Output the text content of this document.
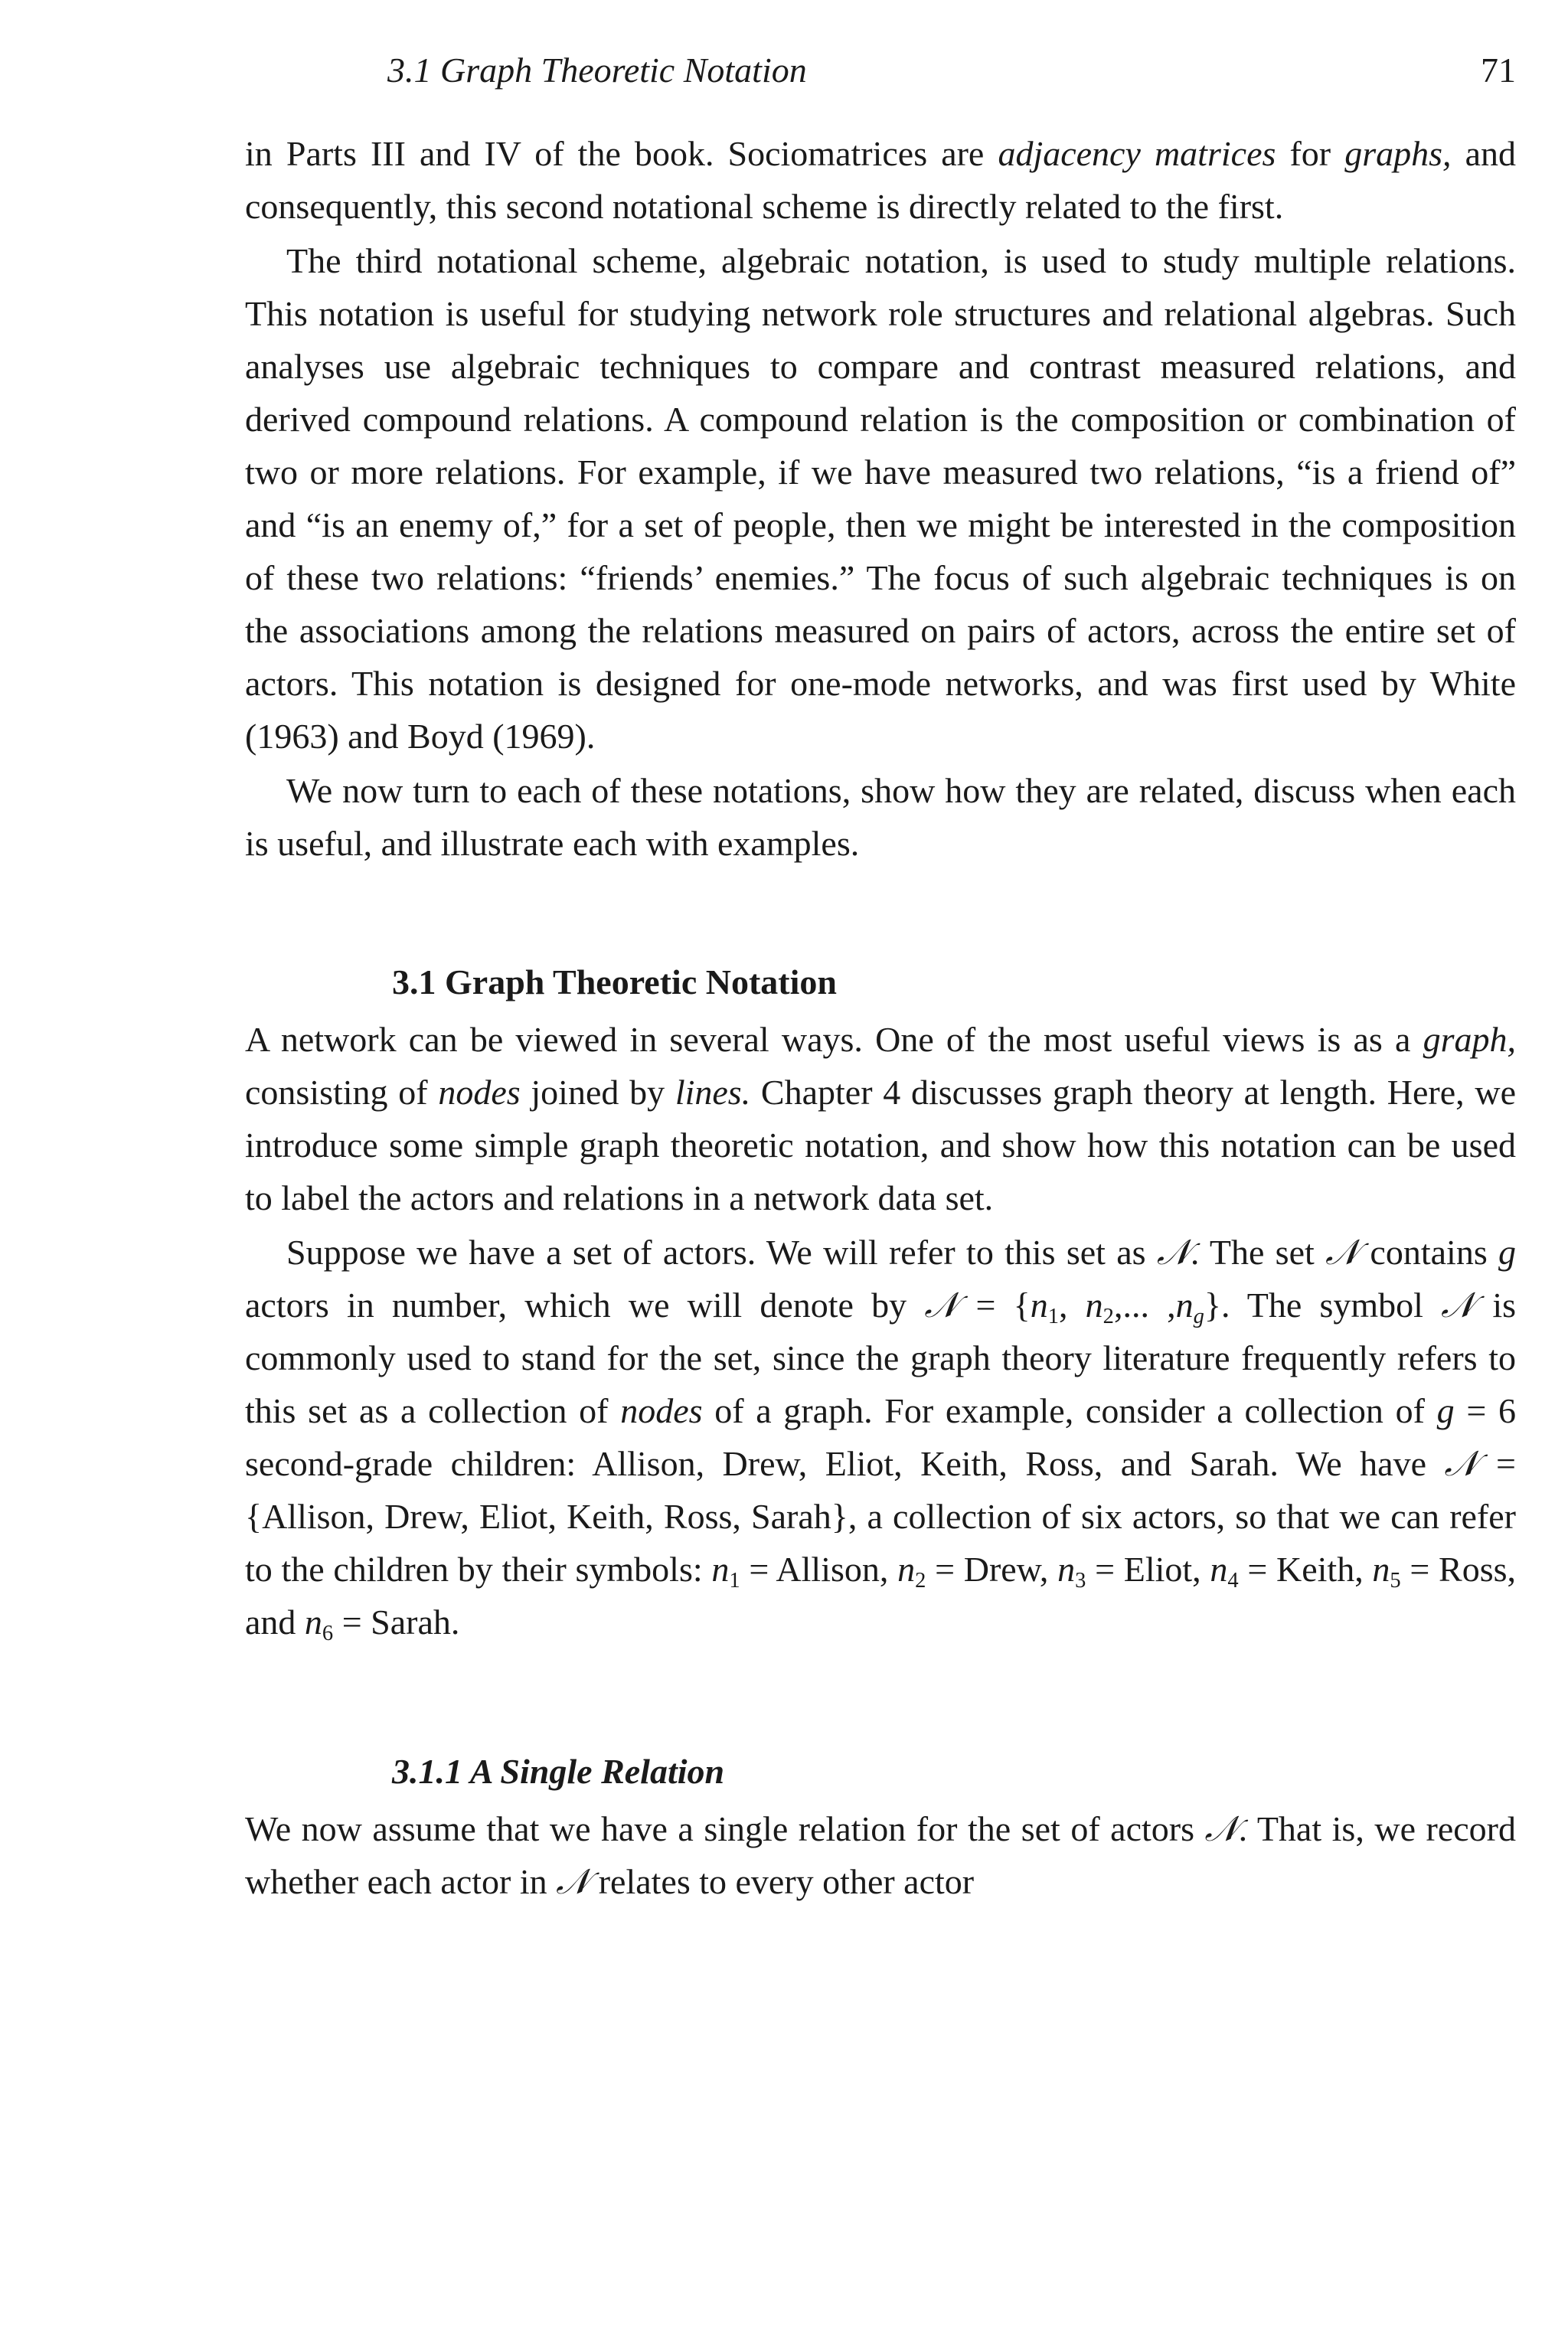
3.1 Graph Theoretic Notation	71

in Parts III and IV of the book. Sociomatrices are adjacency matrices for graphs, and consequently, this second notational scheme is directly related to the first.

The third notational scheme, algebraic notation, is used to study multiple relations. This notation is useful for studying network role structures and relational algebras. Such analyses use algebraic techniques to compare and contrast measured relations, and derived compound relations. A compound relation is the composition or combination of two or more relations. For example, if we have measured two relations, “is a friend of” and “is an enemy of,” for a set of people, then we might be interested in the composition of these two relations: “friends’ enemies.” The focus of such algebraic techniques is on the associations among the relations measured on pairs of actors, across the entire set of actors. This notation is designed for one-mode networks, and was first used by White (1963) and Boyd (1969).

We now turn to each of these notations, show how they are related, discuss when each is useful, and illustrate each with examples.

3.1 Graph Theoretic Notation

A network can be viewed in several ways. One of the most useful views is as a graph, consisting of nodes joined by lines. Chapter 4 discusses graph theory at length. Here, we introduce some simple graph theoretic notation, and show how this notation can be used to label the actors and relations in a network data set.

Suppose we have a set of actors. We will refer to this set as 𝒩. The set 𝒩 contains g actors in number, which we will denote by 𝒩 = {$n_1$, $n_2$,... $,n_g$}. The symbol 𝒩 is commonly used to stand for the set, since the graph theory literature frequently refers to this set as a collection of nodes of a graph. For example, consider a collection of g = 6 second-grade children: Allison, Drew, Eliot, Keith, Ross, and Sarah. We have 𝒩 = {Allison, Drew, Eliot, Keith, Ross, Sarah}, a collection of six actors, so that we can refer to the children by their symbols: $n_1$ = Allison, $n_2$ = Drew, $n_3$ = Eliot, $n_4$ = Keith, $n_5$ = Ross, and $n_6$ = Sarah.

3.1.1 A Single Relation

We now assume that we have a single relation for the set of actors 𝒩. That is, we record whether each actor in 𝒩 relates to every other actor
